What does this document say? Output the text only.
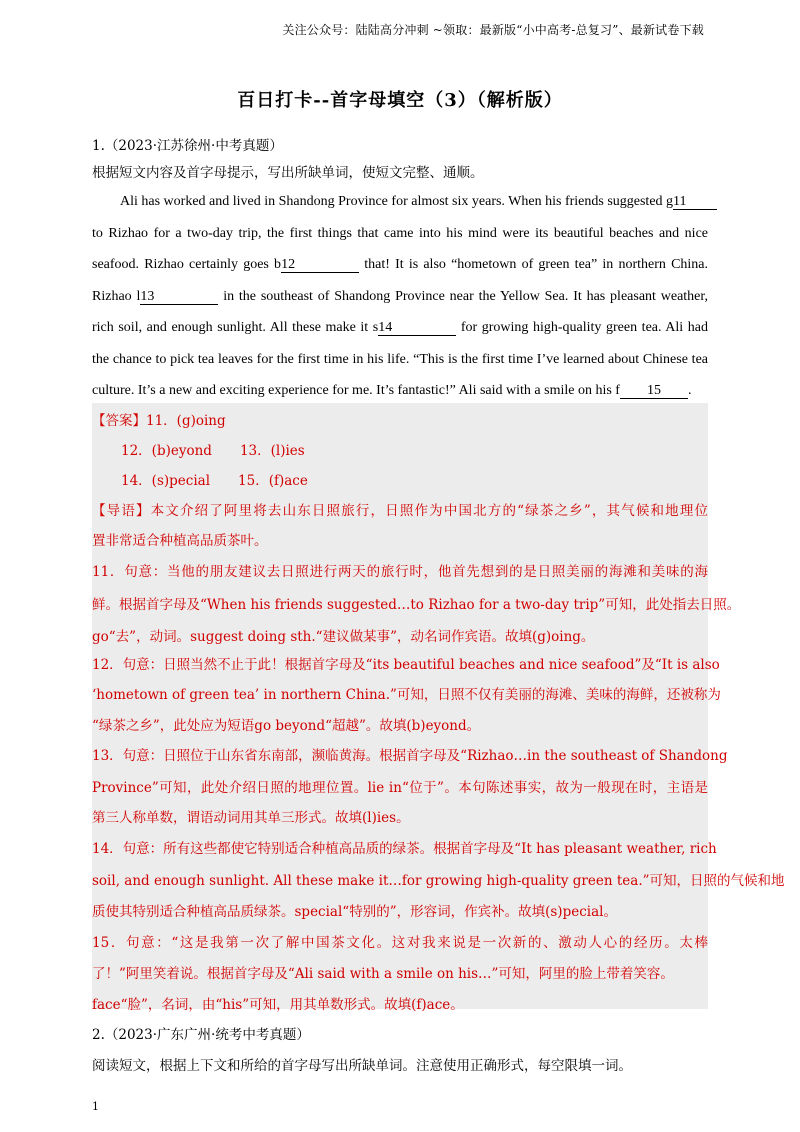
关注公众号：陆陆高分冲刺 ~领取：最新版“小中高考-总复习”、最新试卷下载
百日打卡--首字母填空（3）（解析版）
1.（2023·江苏徐州·中考真题）
根据短文内容及首字母提示，写出所缺单词，使短文完整、通顺。
Ali has worked and lived in Shandong Province for almost six years. When his friends suggested g11
to Rizhao for a two-day trip, the first things that came into his mind were its beautiful beaches and nice
seafood. Rizhao certainly goes b12	that! It is also “hometown of green tea” in northern China.
Rizhao l13	in the southeast of Shandong Province near the Yellow Sea. It has pleasant weather,
rich soil, and enough sunlight. All these make it s14	for growing high-quality green tea. Ali had
the chance to pick tea leaves for the first time in his life. “This is the first time I’ve learned about Chinese tea
culture. It’s a new and exciting experience for me. It’s fantastic!” Ali said with a smile on his f 15 .
【答案】11．(g)oing
12．(b)eyond 13．(l)ies
14．(s)pecial 15．(f)ace
【导语】本文介绍了阿里将去山东日照旅行，日照作为中国北方的“绿茶之乡”，其气候和地理位
置非常适合种植高品质茶叶。
11．句意：当他的朋友建议去日照进行两天的旅行时，他首先想到的是日照美丽的海滩和美味的海
鲜。根据首字母及“When his friends suggested…to Rizhao for a two-day trip”可知，此处指去日照。
go“去”，动词。suggest doing sth.“建议做某事”，动名词作宾语。故填(g)oing。
12．句意：日照当然不止于此！根据首字母及“its beautiful beaches and nice seafood”及“It is also
‘hometown of green tea’ in northern China.”可知，日照不仅有美丽的海滩、美味的海鲜，还被称为
“绿茶之乡”，此处应为短语go beyond“超越”。故填(b)eyond。
13．句意：日照位于山东省东南部，濒临黄海。根据首字母及“Rizhao…in the southeast of Shandong
Province”可知，此处介绍日照的地理位置。lie in“位于”。本句陈述事实，故为一般现在时，主语是
第三人称单数，谓语动词用其单三形式。故填(l)ies。
14．句意：所有这些都使它特别适合种植高品质的绿茶。根据首字母及“It has pleasant weather, rich
soil, and enough sunlight. All these make it…for growing high-quality green tea.”可知，日照的气候和地
质使其特别适合种植高品质绿茶。special“特别的”，形容词，作宾补。故填(s)pecial。
15．句意：“这是我第一次了解中国茶文化。这对我来说是一次新的、激动人心的经历。太棒
了！”阿里笑着说。根据首字母及“Ali said with a smile on his…”可知，阿里的脸上带着笑容。
face“脸”，名词，由“his”可知，用其单数形式。故填(f)ace。
2.（2023·广东广州·统考中考真题）
阅读短文，根据上下文和所给的首字母写出所缺单词。注意使用正确形式，每空限填一词。
1
